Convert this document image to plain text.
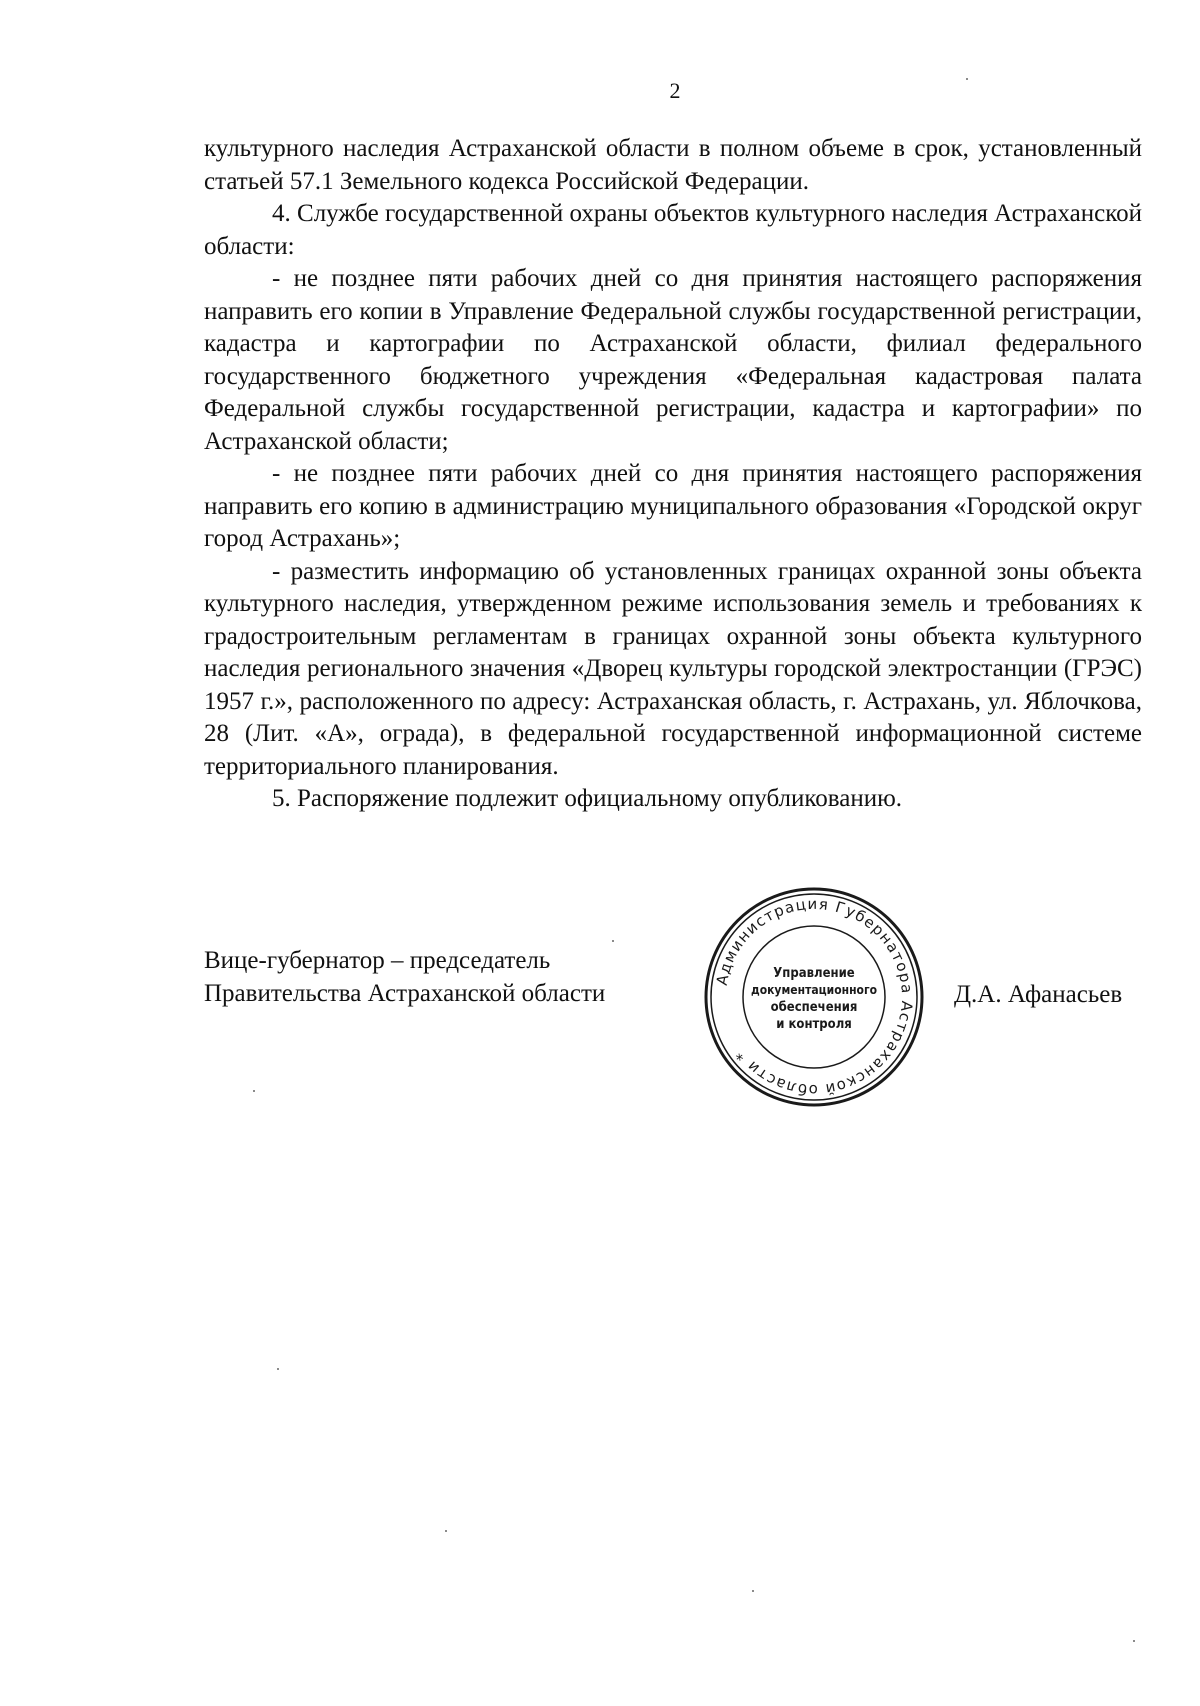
2

культурного наследия Астраханской области в полном объеме в срок, установленный статьей 57.1 Земельного кодекса Российской Федерации.

4. Службе государственной охраны объектов культурного наследия Астраханской области:

- не позднее пяти рабочих дней со дня принятия настоящего распоряжения направить его копии в Управление Федеральной службы государственной регистрации, кадастра и картографии по Астраханской области, филиал федерального государственного бюджетного учреждения «Федеральная кадастровая палата Федеральной службы государственной регистрации, кадастра и картографии» по Астраханской области;

- не позднее пяти рабочих дней со дня принятия настоящего распоряжения направить его копию в администрацию муниципального образования «Городской округ город Астрахань»;

- разместить информацию об установленных границах охранной зоны объекта культурного наследия, утвержденном режиме использования земель и требованиях к градостроительным регламентам в границах охранной зоны объекта культурного наследия регионального значения «Дворец культуры городской электростанции (ГРЭС) 1957 г.», расположенного по адресу: Астраханская область, г. Астрахань, ул. Яблочкова, 28 (Лит. «А», ограда), в федеральной государственной информационной системе территориального планирования.

5. Распоряжение подлежит официальному опубликованию.

Вице-губернатор – председатель
Правительства Астраханской области	Д.А. Афанасьев
Администрация Губернатора Астраханской области *
Управление
документационного
обеспечения
и контроля
